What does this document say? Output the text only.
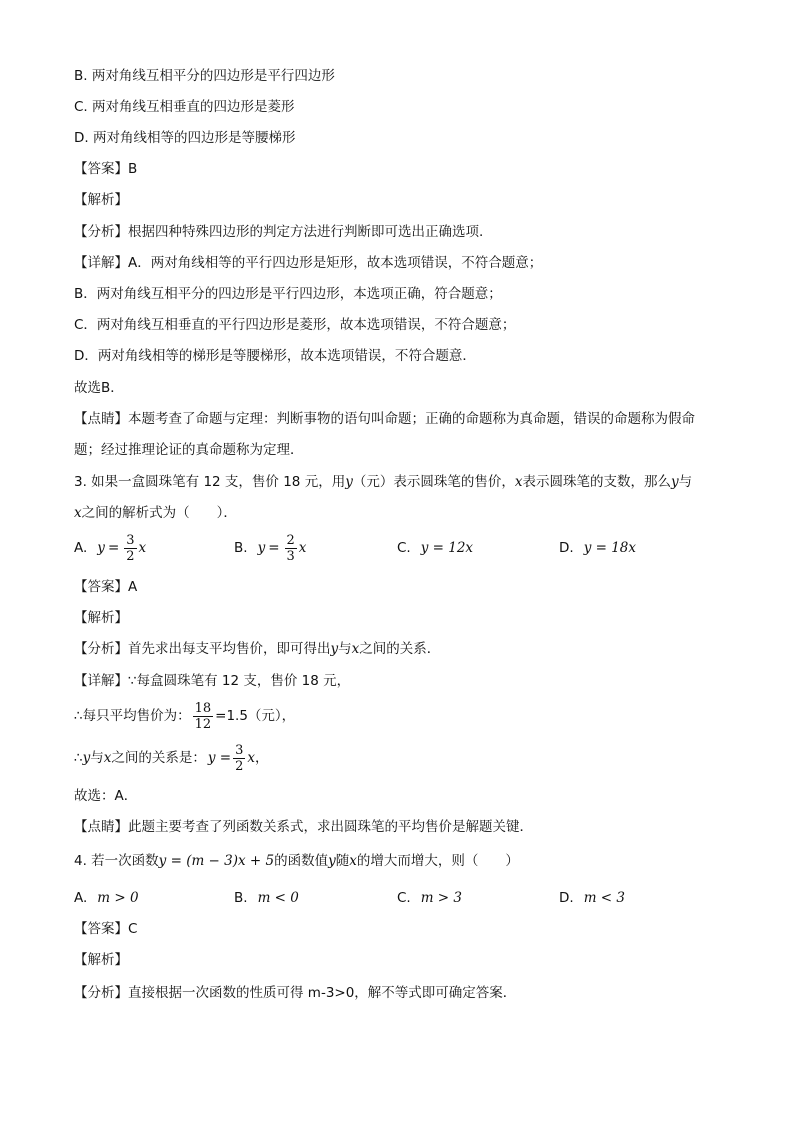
B. 两对角线互相平分的四边形是平行四边形
C. 两对角线互相垂直的四边形是菱形
D. 两对角线相等的四边形是等腰梯形
【答案】B
【解析】
【分析】根据四种特殊四边形的判定方法进行判断即可选出正确选项.
【详解】A．两对角线相等的平行四边形是矩形，故本选项错误，不符合题意；
B．两对角线互相平分的四边形是平行四边形，本选项正确，符合题意；
C．两对角线互相垂直的平行四边形是菱形，故本选项错误，不符合题意；
D．两对角线相等的梯形是等腰梯形，故本选项错误，不符合题意．
故选B．
【点睛】本题考查了命题与定理：判断事物的语句叫命题；正确的命题称为真命题，错误的命题称为假命
题；经过推理论证的真命题称为定理．
3. 如果一盒圆珠笔有 12 支，售价 18 元，用y（元）表示圆珠笔的售价，x表示圆珠笔的支数，那么y与
x之间的解析式为（　　）．
A. $y = \frac{3}{2}$ x	B. $y = \frac{2}{3}$ x	C. y = 12x	D. y = 18x
【答案】A
【解析】
【分析】首先求出每支平均售价，即可得出y与x之间的关系．
【详解】∵每盒圆珠笔有 12 支，售价 18 元，
∴每只平均售价为： $\frac{18}{12} =1.5$（元），
∴ y 与 x 之间的关系是： $y = \frac{3}{2}$ x ，
故选：A．
【点睛】此题主要考查了列函数关系式，求出圆珠笔的平均售价是解题关键．
4. 若一次函数y = (m − 3)x + 5的函数值y随x的增大而增大，则（　　）
A. m > 0	B. m < 0	C. m > 3	D. m < 3
【答案】C
【解析】
【分析】直接根据一次函数的性质可得 m-3>0，解不等式即可确定答案．
